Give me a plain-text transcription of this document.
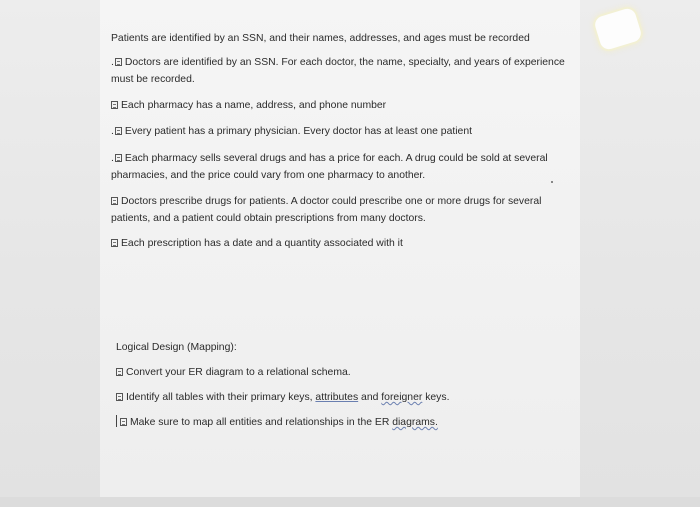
Patients are identified by an SSN, and their names, addresses, and ages must be recorded

. Doctors are identified by an SSN. For each doctor, the name, specialty, and years of experience must be recorded.

Each pharmacy has a name, address, and phone number

. Every patient has a primary physician. Every doctor has at least one patient

. Each pharmacy sells several drugs and has a price for each. A drug could be sold at several pharmacies, and the price could vary from one pharmacy to another.

Doctors prescribe drugs for patients. A doctor could prescribe one or more drugs for several patients, and a patient could obtain prescriptions from many doctors.

Each prescription has a date and a quantity associated with it

Logical Design (Mapping):

Convert your ER diagram to a relational schema.

Identify all tables with their primary keys, attributes and foreigner keys.

Make sure to map all entities and relationships in the ER diagrams.
